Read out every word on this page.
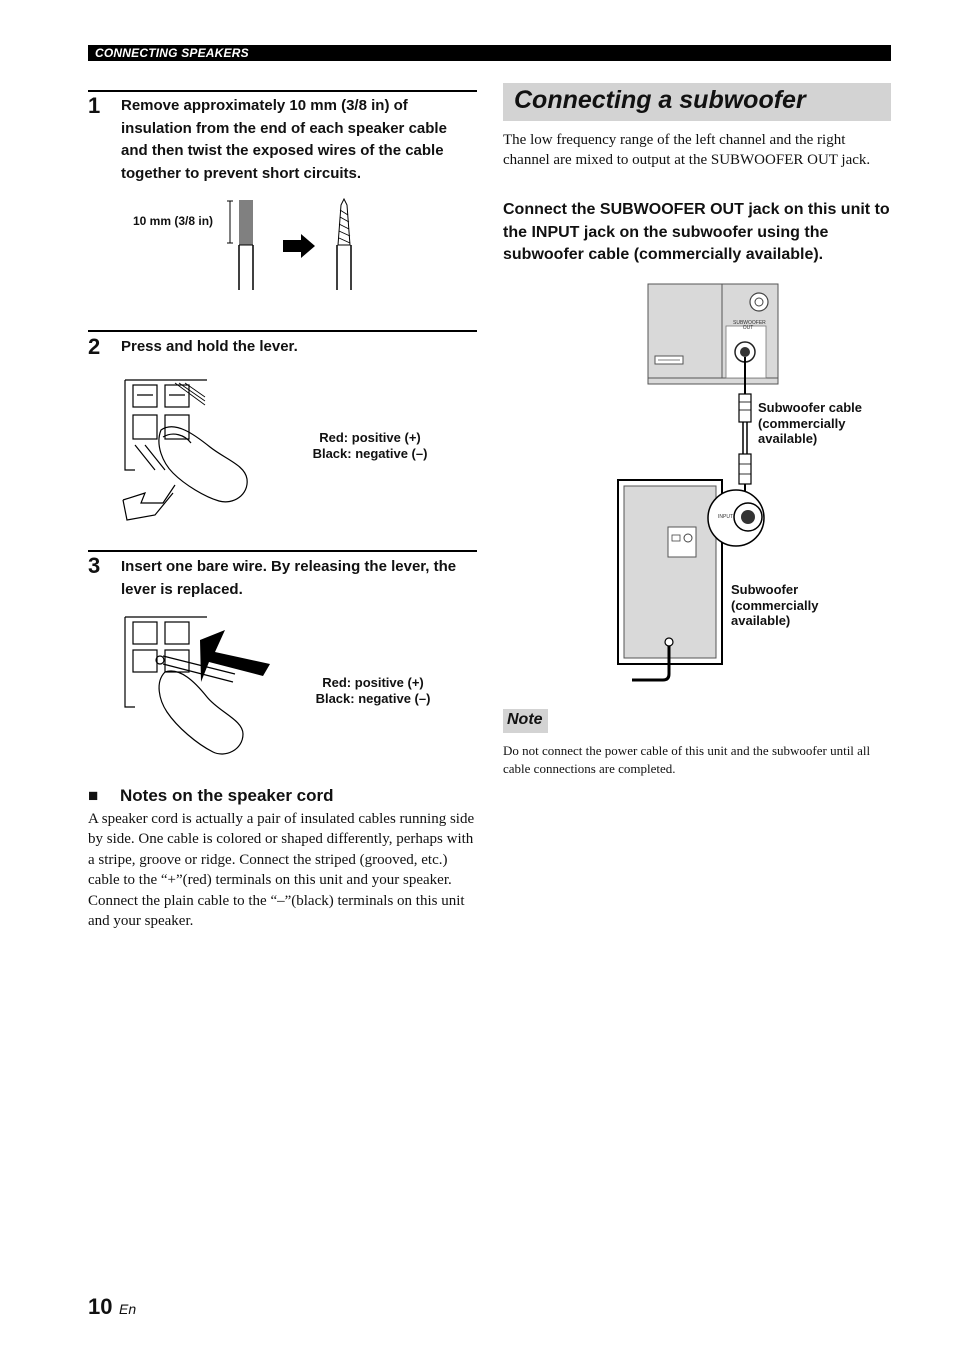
CONNECTING SPEAKERS
1 Remove approximately 10 mm (3/8 in) of insulation from the end of each speaker cable and then twist the exposed wires of the cable together to prevent short circuits.
10 mm (3/8 in)
2 Press and hold the lever.
Red: positive (+)
Black: negative (–)
3 Insert one bare wire. By releasing the lever, the lever is replaced.
Red: positive (+)
Black: negative (–)
■ Notes on the speaker cord
A speaker cord is actually a pair of insulated cables running side by side. One cable is colored or shaped differently, perhaps with a stripe, groove or ridge. Connect the striped (grooved, etc.) cable to the “+”(red) terminals on this unit and your speaker. Connect the plain cable to the “–”(black) terminals on this unit and your speaker.
Connecting a subwoofer
The low frequency range of the left channel and the right channel are mixed to output at the SUBWOOFER OUT jack.
Connect the SUBWOOFER OUT jack on this unit to the INPUT jack on the subwoofer using the subwoofer cable (commercially available).
SUBWOOFER
OUT
INPUT
Subwoofer cable
(commercially
available)
Subwoofer
(commercially
available)
Note
Do not connect the power cable of this unit and the subwoofer until all cable connections are completed.
10 En
